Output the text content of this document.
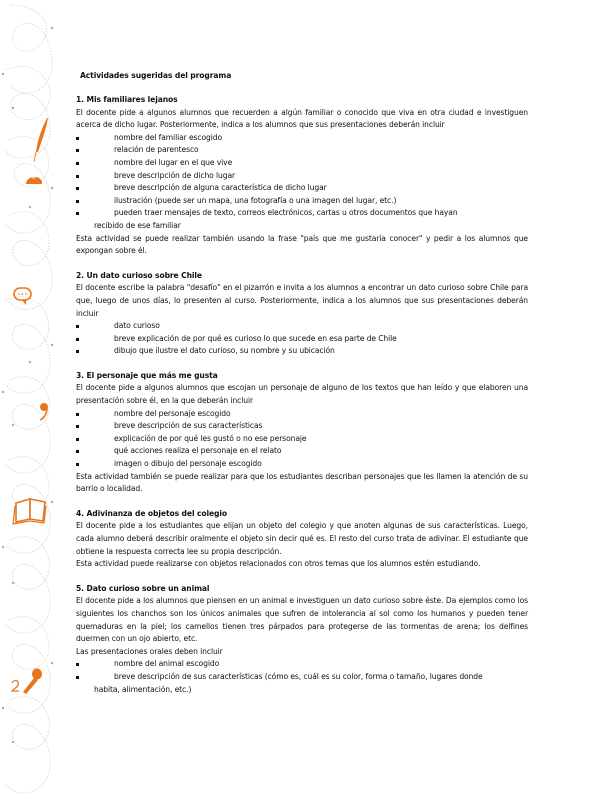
Actividades sugeridas del programa
1. Mis familiares lejanos
El docente pide a algunos alumnos que recuerden a algún familiar o conocido que viva en otra ciudad e investiguen acerca de dicho lugar. Posteriormente, indica a los alumnos que sus presentaciones deberán incluir
nombre del familiar escogido
relación de parentesco
nombre del lugar en el que vive
breve descripción de dicho lugar
breve descripción de alguna característica de dicho lugar
ilustración (puede ser un mapa, una fotografía o una imagen del lugar, etc.)
pueden traer mensajes de texto, correos electrónicos, cartas u otros documentos que hayan
recibido de ese familiar
Esta actividad se puede realizar también usando la frase "país que me gustaría conocer" y pedir a los alumnos que expongan sobre él.
2. Un dato curioso sobre Chile
El docente escribe la palabra "desafío" en el pizarrón e invita a los alumnos a encontrar un dato curioso sobre Chile para que, luego de unos días, lo presenten al curso. Posteriormente, indica a los alumnos que sus presentaciones deberán incluir
dato curioso
breve explicación de por qué es curioso lo que sucede en esa parte de Chile
dibujo que ilustre el dato curioso, su nombre y su ubicación
3. El personaje que más me gusta
El docente pide a algunos alumnos que escojan un personaje de alguno de los textos que han leído y que elaboren una presentación sobre él, en la que deberán incluir
nombre del personaje escogido
breve descripción de sus características
explicación de por qué les gustó o no ese personaje
qué acciones realiza el personaje en el relato
imagen o dibujo del personaje escogido
Esta actividad también se puede realizar para que los estudiantes describan personajes que les llamen la atención de su barrio o localidad.
4. Adivinanza de objetos del colegio
El docente pide a los estudiantes que elijan un objeto del colegio y que anoten algunas de sus características. Luego, cada alumno deberá describir oralmente el objeto sin decir qué es. El resto del curso trata de adivinar. El estudiante que obtiene la respuesta correcta lee su propia descripción.
Esta actividad puede realizarse con objetos relacionados con otros temas que los alumnos estén estudiando.
5. Dato curioso sobre un animal
El docente pide a los alumnos que piensen en un animal e investiguen un dato curioso sobre éste. Da ejemplos como los siguientes los chanchos son los únicos animales que sufren de intolerancia al sol como los humanos y pueden tener quemaduras en la piel; los camellos tienen tres párpados para protegerse de las tormentas de arena; los delfines duermen con un ojo abierto, etc.
Las presentaciones orales deben incluir
nombre del animal escogido
breve descripción de sus características (cómo es, cuál es su color, forma o tamaño, lugares donde
habita, alimentación, etc.)
